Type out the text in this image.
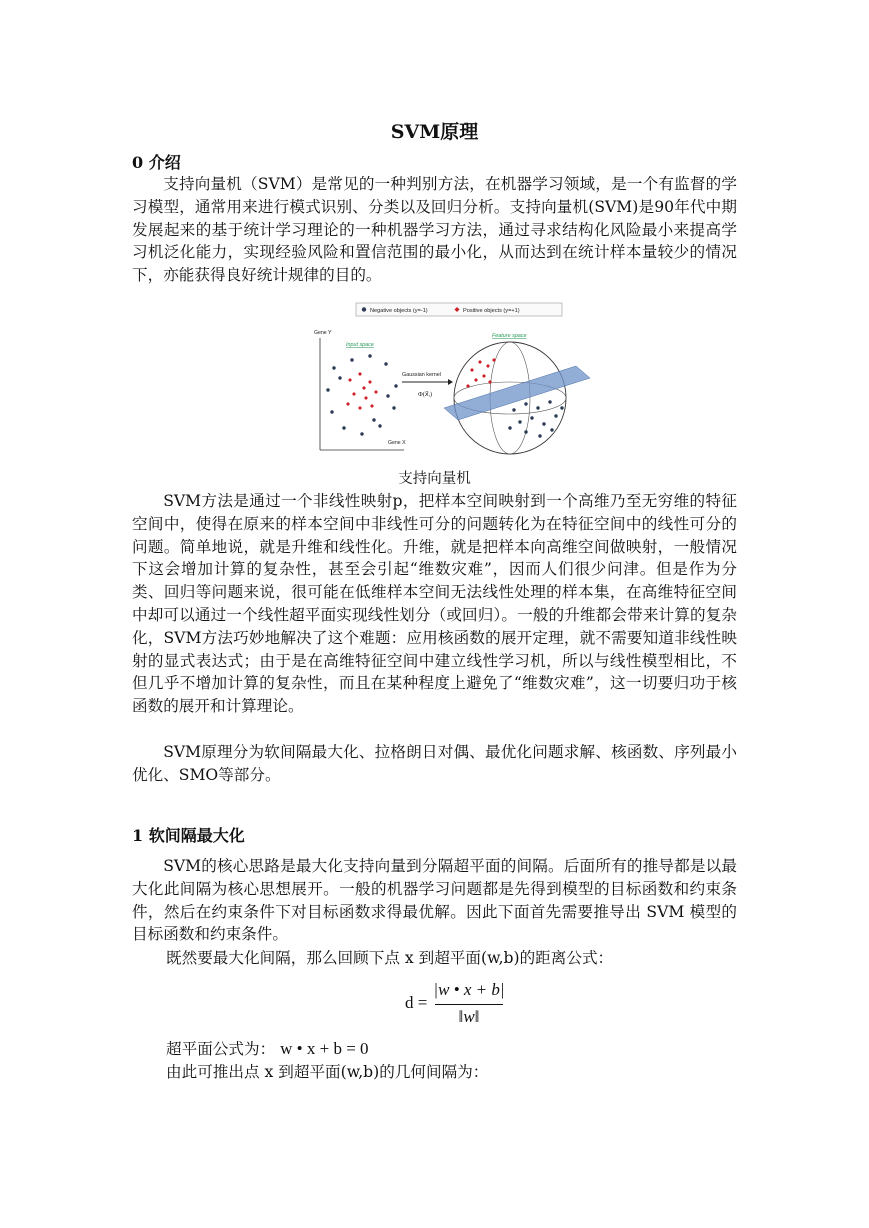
SVM原理
0 介绍
支持向量机（SVM）是常见的一种判别方法，在机器学习领域，是一个有监督的学习模型，通常用来进行模式识别、分类以及回归分析。支持向量机(SVM)是90年代中期发展起来的基于统计学习理论的一种机器学习方法，通过寻求结构化风险最小来提高学习机泛化能力，实现经验风险和置信范围的最小化，从而达到在统计样本量较少的情况下，亦能获得良好统计规律的目的。
Negative objects (y=-1)	Positive objects (y=+1)
Gene Y
Gene X
Input space
Gaussian kernel
Φ(x⃗ᵢ)
Feature space
支持向量机
SVM方法是通过一个非线性映射p，把样本空间映射到一个高维乃至无穷维的特征空间中，使得在原来的样本空间中非线性可分的问题转化为在特征空间中的线性可分的问题。简单地说，就是升维和线性化。升维，就是把样本向高维空间做映射，一般情况下这会增加计算的复杂性，甚至会引起“维数灾难”，因而人们很少问津。但是作为分类、回归等问题来说，很可能在低维样本空间无法线性处理的样本集，在高维特征空间中却可以通过一个线性超平面实现线性划分（或回归）。一般的升维都会带来计算的复杂化，SVM方法巧妙地解决了这个难题：应用核函数的展开定理，就不需要知道非线性映射的显式表达式；由于是在高维特征空间中建立线性学习机，所以与线性模型相比，不但几乎不增加计算的复杂性，而且在某种程度上避免了“维数灾难”，这一切要归功于核函数的展开和计算理论。
SVM原理分为软间隔最大化、拉格朗日对偶、最优化问题求解、核函数、序列最小优化、SMO等部分。
1 软间隔最大化
SVM的核心思路是最大化支持向量到分隔超平面的间隔。后面所有的推导都是以最大化此间隔为核心思想展开。一般的机器学习问题都是先得到模型的目标函数和约束条件，然后在约束条件下对目标函数求得最优解。因此下面首先需要推导出 SVM 模型的目标函数和约束条件。
既然要最大化间隔，那么回顾下点 x 到超平面(w,b)的距离公式：
d =
|w • x + b|
‖w‖
超平面公式为： w • x + b = 0
由此可推出点 x 到超平面(w,b)的几何间隔为：
